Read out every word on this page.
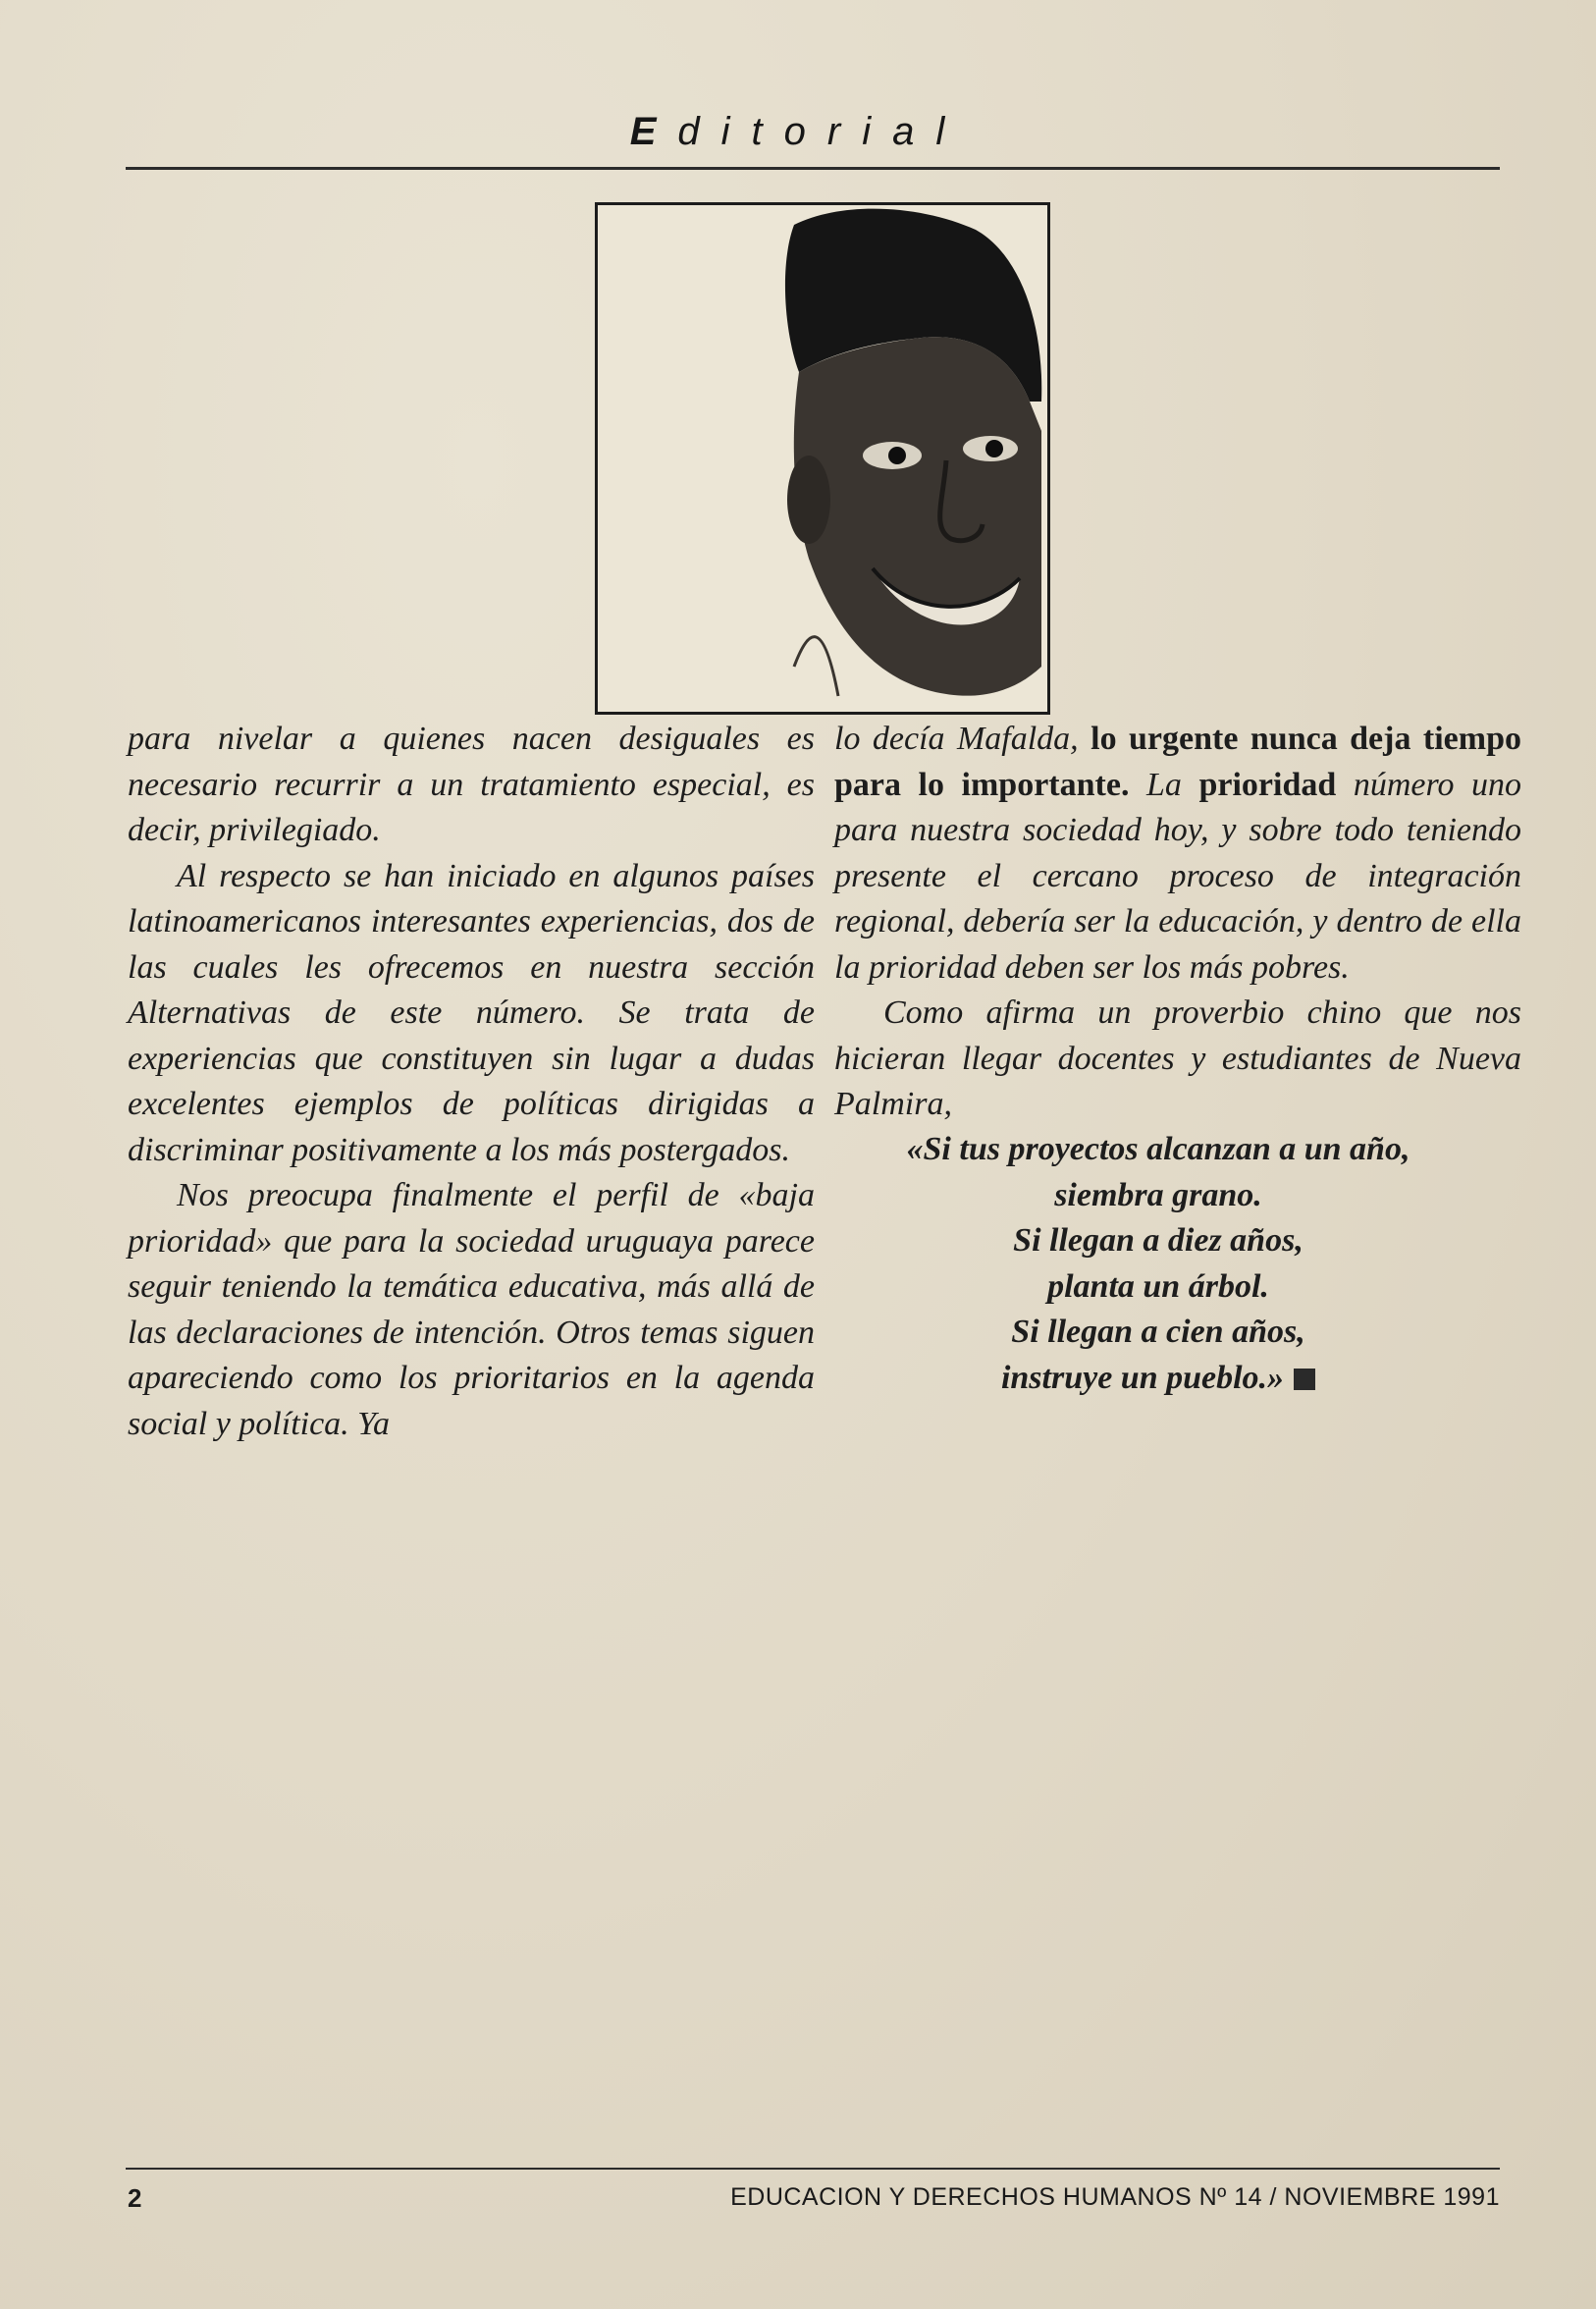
Editorial

para nivelar a quienes nacen desiguales es necesario recurrir a un tratamiento especial, es decir, privilegiado.

Al respecto se han iniciado en algunos países latinoamericanos interesantes experiencias, dos de las cuales les ofrecemos en nuestra sección Alternativas de este número. Se trata de experiencias que constituyen sin lugar a dudas excelentes ejemplos de políticas dirigidas a discriminar positivamente a los más postergados.

Nos preocupa finalmente el perfil de «baja prioridad» que para la sociedad uruguaya parece seguir teniendo la temática educativa, más allá de las declaraciones de intención. Otros temas siguen apareciendo como los prioritarios en la agenda social y política. Ya

lo decía Mafalda, lo urgente nunca deja tiempo para lo importante. La prioridad número uno para nuestra sociedad hoy, y sobre todo teniendo presente el cercano proceso de integración regional, debería ser la educación, y dentro de ella la prioridad deben ser los más pobres.

Como afirma un proverbio chino que nos hicieran llegar docentes y estudiantes de Nueva Palmira,

«Si tus proyectos alcanzan a un año,
siembra grano.
Si llegan a diez años,
planta un árbol.
Si llegan a cien años,
instruye un pueblo.»
2	EDUCACION Y DERECHOS HUMANOS Nº 14 / NOVIEMBRE 1991
